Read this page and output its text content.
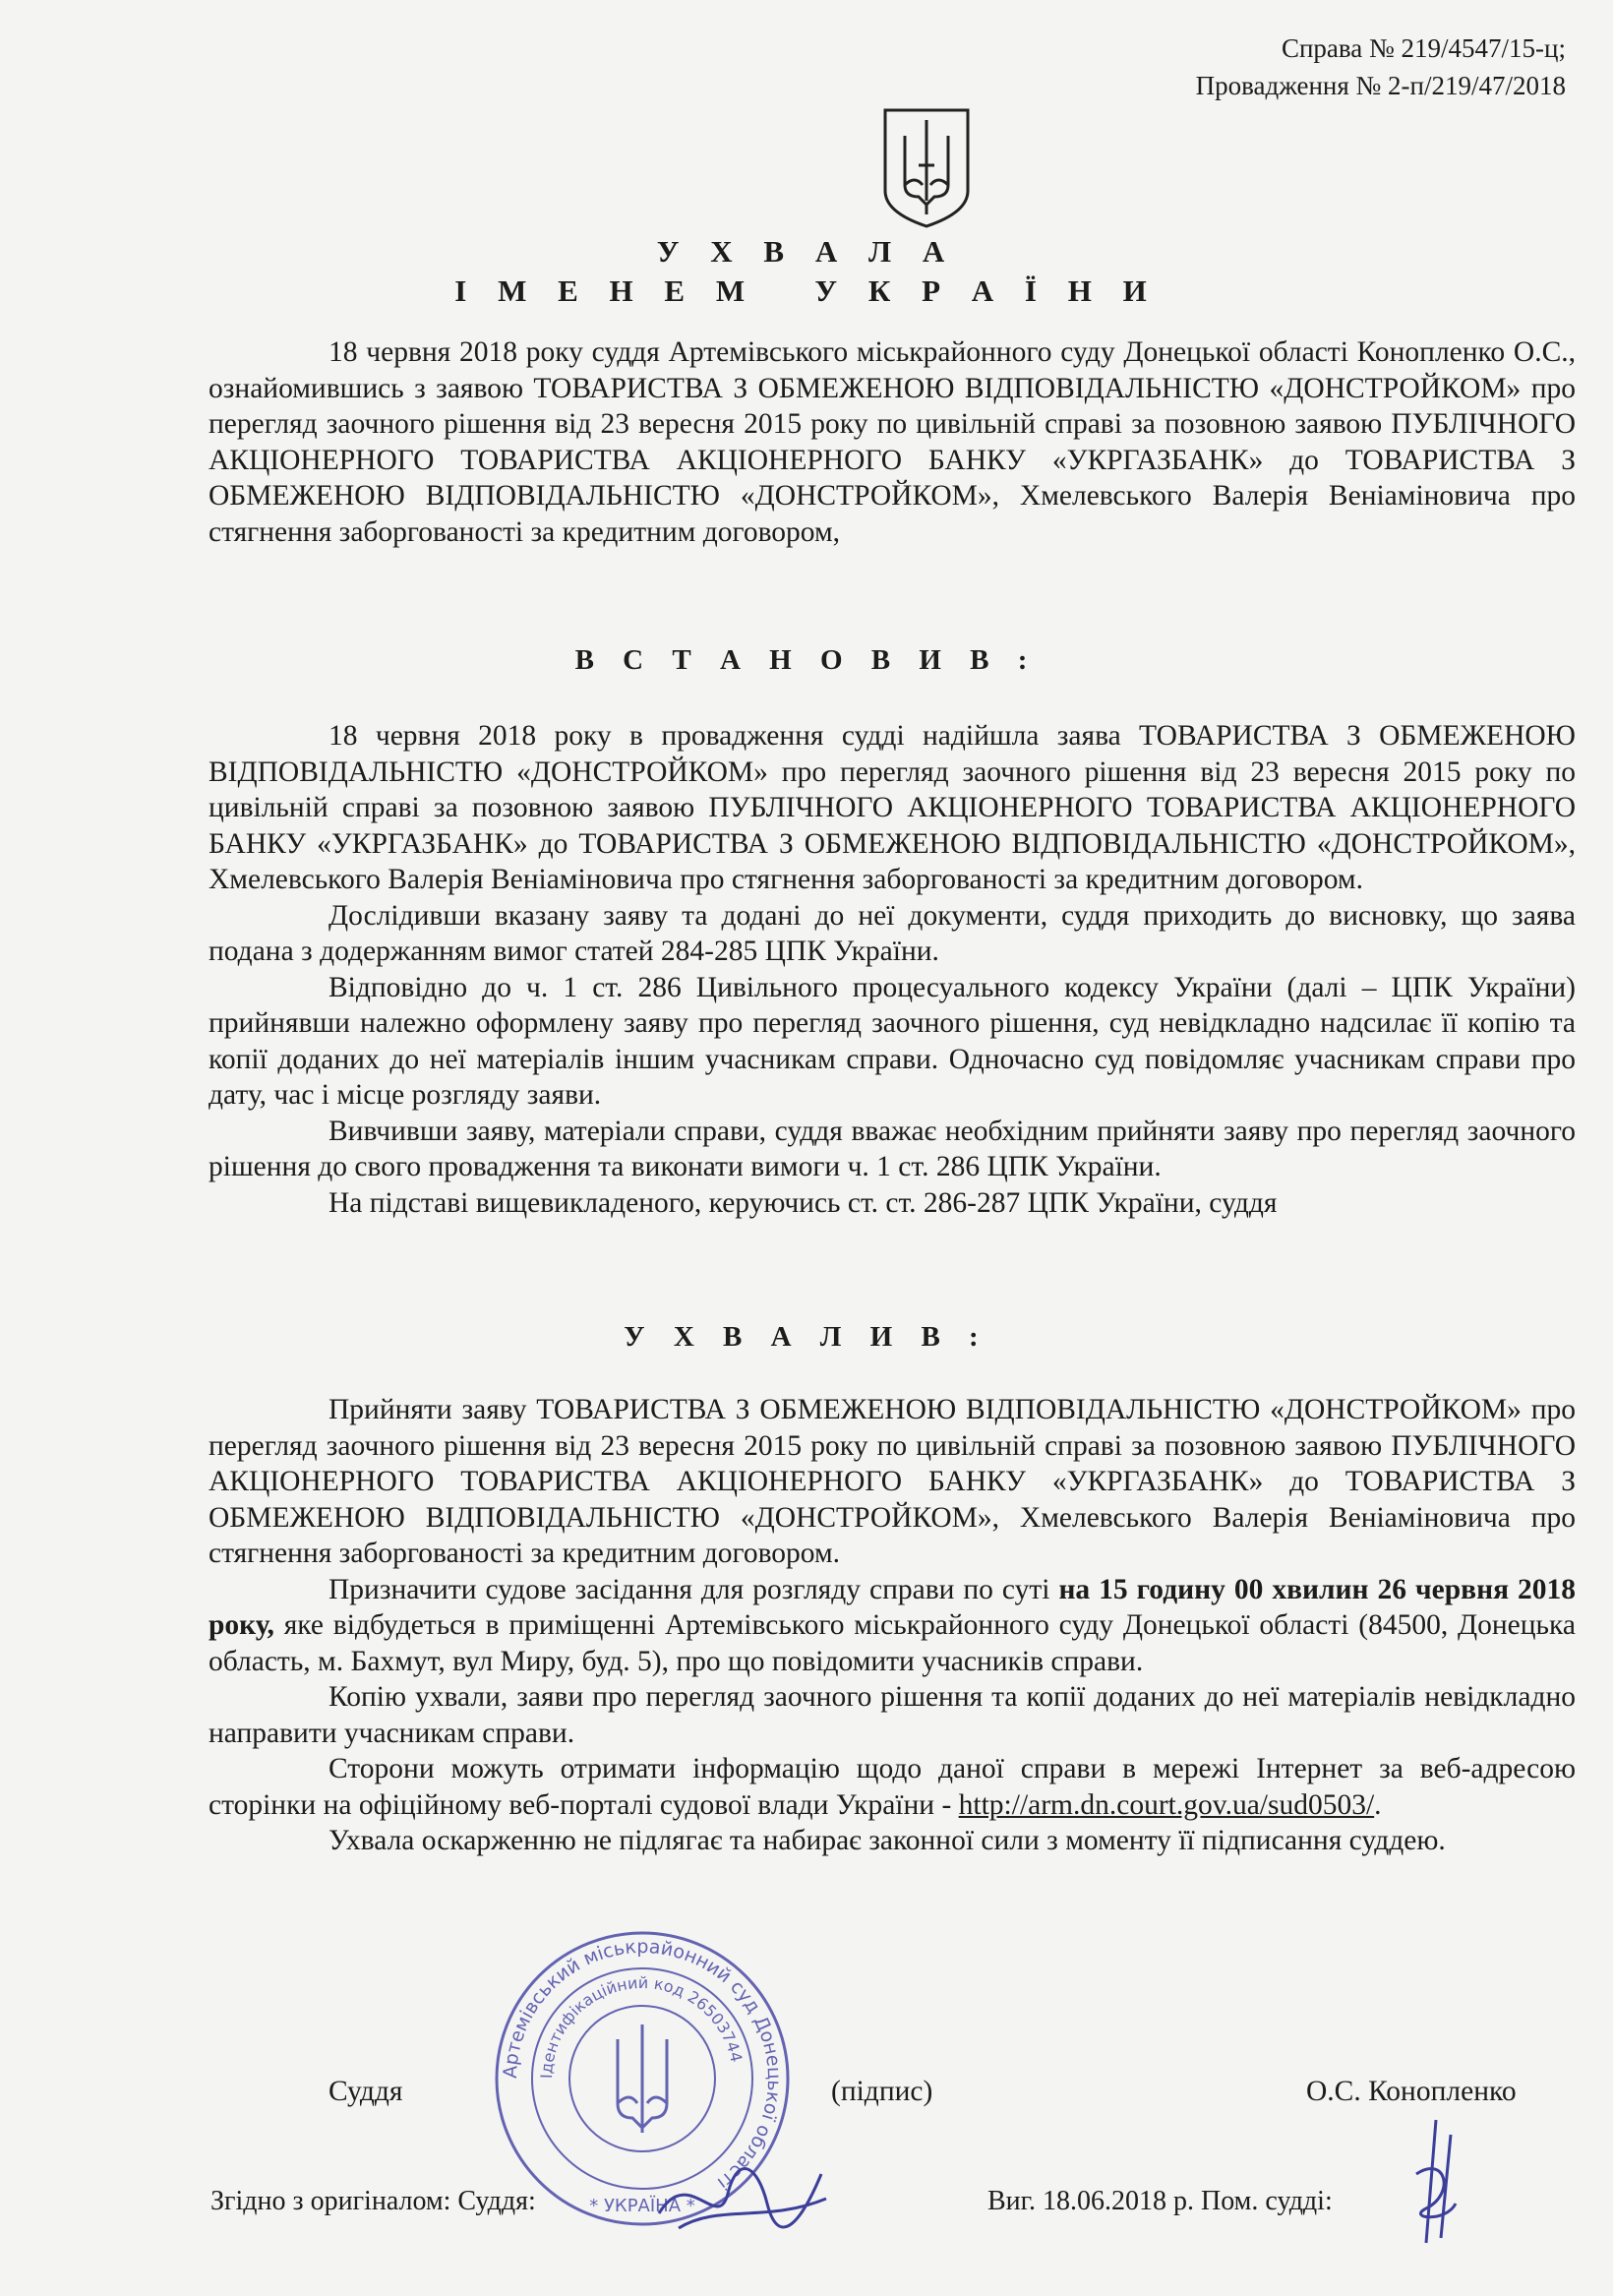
Справа № 219/4547/15-ц;
Провадження № 2-п/219/47/2018
У Х В А Л А
І М Е Н Е М   У К Р А Ї Н И

18 червня 2018 року суддя Артемівського міськрайонного суду Донецької області Конопленко О.С., ознайомившись з заявою ТОВАРИСТВА З ОБМЕЖЕНОЮ ВІДПОВІДАЛЬНІСТЮ «ДОНСТРОЙКОМ» про перегляд заочного рішення від 23 вересня 2015 року по цивільній справі за позовною заявою ПУБЛІЧНОГО АКЦІОНЕРНОГО ТОВАРИСТВА АКЦІОНЕРНОГО БАНКУ «УКРГАЗБАНК» до ТОВАРИСТВА З ОБМЕЖЕНОЮ ВІДПОВІДАЛЬНІСТЮ «ДОНСТРОЙКОМ», Хмелевського Валерія Веніаміновича про стягнення заборгованості за кредитним договором,

В С Т А Н О В И В :

18 червня 2018 року в провадження судді надійшла заява ТОВАРИСТВА З ОБМЕЖЕНОЮ ВІДПОВІДАЛЬНІСТЮ «ДОНСТРОЙКОМ» про перегляд заочного рішення від 23 вересня 2015 року по цивільній справі за позовною заявою ПУБЛІЧНОГО АКЦІОНЕРНОГО ТОВАРИСТВА АКЦІОНЕРНОГО БАНКУ «УКРГАЗБАНК» до ТОВАРИСТВА З ОБМЕЖЕНОЮ ВІДПОВІДАЛЬНІСТЮ «ДОНСТРОЙКОМ», Хмелевського Валерія Веніаміновича про стягнення заборгованості за кредитним договором.

Дослідивши вказану заяву та додані до неї документи, суддя приходить до висновку, що заява подана з додержанням вимог статей 284-285 ЦПК України.

Відповідно до ч. 1 ст. 286 Цивільного процесуального кодексу України (далі – ЦПК України) прийнявши належно оформлену заяву про перегляд заочного рішення, суд невідкладно надсилає її копію та копії доданих до неї матеріалів іншим учасникам справи. Одночасно суд повідомляє учасникам справи про дату, час і місце розгляду заяви.

Вивчивши заяву, матеріали справи, суддя вважає необхідним прийняти заяву про перегляд заочного рішення до свого провадження та виконати вимоги ч. 1 ст. 286 ЦПК України.

На підставі вищевикладеного, керуючись ст. ст. 286-287 ЦПК України, суддя

У Х В А Л И В :

Прийняти заяву ТОВАРИСТВА З ОБМЕЖЕНОЮ ВІДПОВІДАЛЬНІСТЮ «ДОНСТРОЙКОМ» про перегляд заочного рішення від 23 вересня 2015 року по цивільній справі за позовною заявою ПУБЛІЧНОГО АКЦІОНЕРНОГО ТОВАРИСТВА АКЦІОНЕРНОГО БАНКУ «УКРГАЗБАНК» до ТОВАРИСТВА З ОБМЕЖЕНОЮ ВІДПОВІДАЛЬНІСТЮ «ДОНСТРОЙКОМ», Хмелевського Валерія Веніаміновича про стягнення заборгованості за кредитним договором.

Призначити судове засідання для розгляду справи по суті на 15 годину 00 хвилин 26 червня 2018 року, яке відбудеться в приміщенні Артемівського міськрайонного суду Донецької області (84500, Донецька область, м. Бахмут, вул Миру, буд. 5), про що повідомити учасників справи.

Копію ухвали, заяви про перегляд заочного рішення та копії доданих до неї матеріалів невідкладно направити учасникам справи.

Сторони можуть отримати інформацію щодо даної справи в мережі Інтернет за веб-адресою сторінки на офіційному веб-порталі судової влади України - http://arm.dn.court.gov.ua/sud0503/.

Ухвала оскарженню не підлягає та набирає законної сили з моменту її підписання суддею.

Суддя	(підпис)	О.С. Конопленко
Артемівський міськрайонний суд Донецької області
Ідентифікаційний код 26503744
* УКРАЇНА *
Згідно з оригіналом: Суддя:	Виг. 18.06.2018 р. Пом. судді:
